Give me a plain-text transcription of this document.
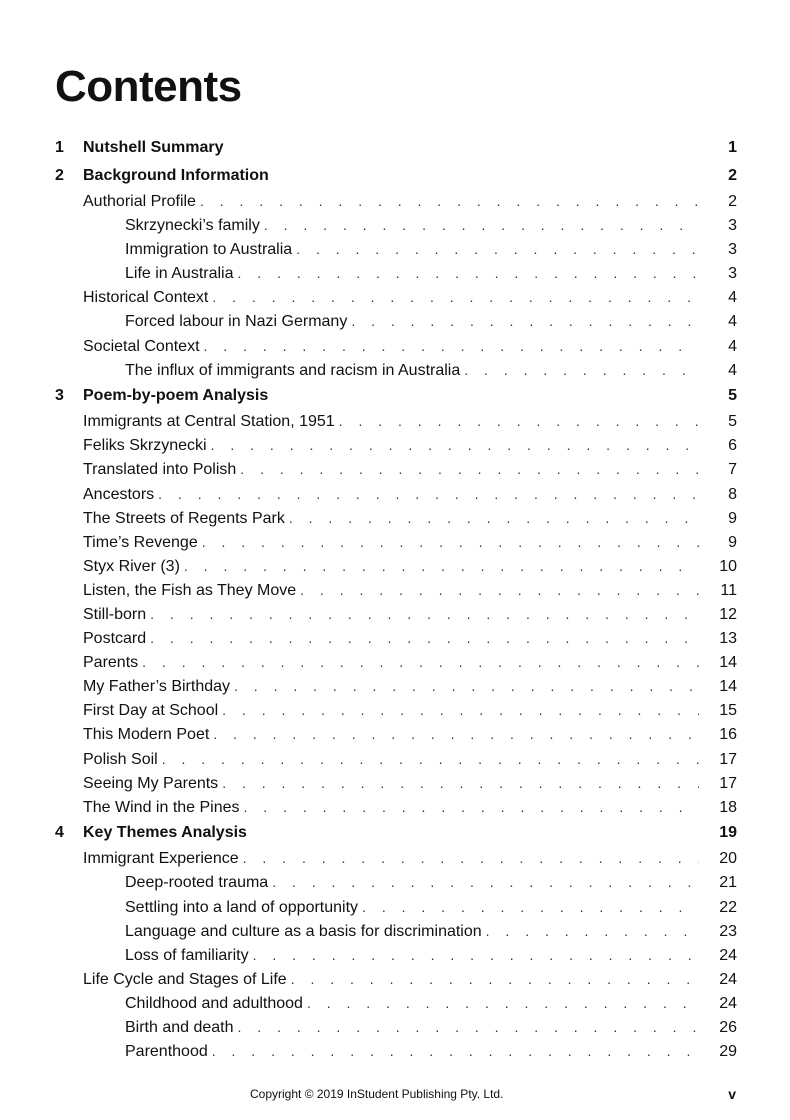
Contents
1 Nutshell Summary	1
2 Background Information	2
Authorial Profile . . .	2
Skrzynecki’s family . . .	3
Immigration to Australia . . .	3
Life in Australia . . .	3
Historical Context . . .	4
Forced labour in Nazi Germany . . .	4
Societal Context . . .	4
The influx of immigrants and racism in Australia . . .	4
3 Poem-by-poem Analysis	5
Immigrants at Central Station, 1951 . . .	5
Feliks Skrzynecki . . .	6
Translated into Polish . . .	7
Ancestors . . .	8
The Streets of Regents Park . . .	9
Time’s Revenge . . .	9
Styx River (3) . . .	10
Listen, the Fish as They Move . . .	11
Still-born . . .	12
Postcard . . .	13
Parents . . .	14
My Father’s Birthday . . .	14
First Day at School . . .	15
This Modern Poet . . .	16
Polish Soil . . .	17
Seeing My Parents . . .	17
The Wind in the Pines . . .	18
4 Key Themes Analysis	19
Immigrant Experience . . .	20
Deep-rooted trauma . . .	21
Settling into a land of opportunity . . .	22
Language and culture as a basis for discrimination . . .	23
Loss of familiarity . . .	24
Life Cycle and Stages of Life . . .	24
Childhood and adulthood . . .	24
Birth and death . . .	26
Parenthood . . .	29
Copyright © 2019 InStudent Publishing Pty. Ltd.	v
